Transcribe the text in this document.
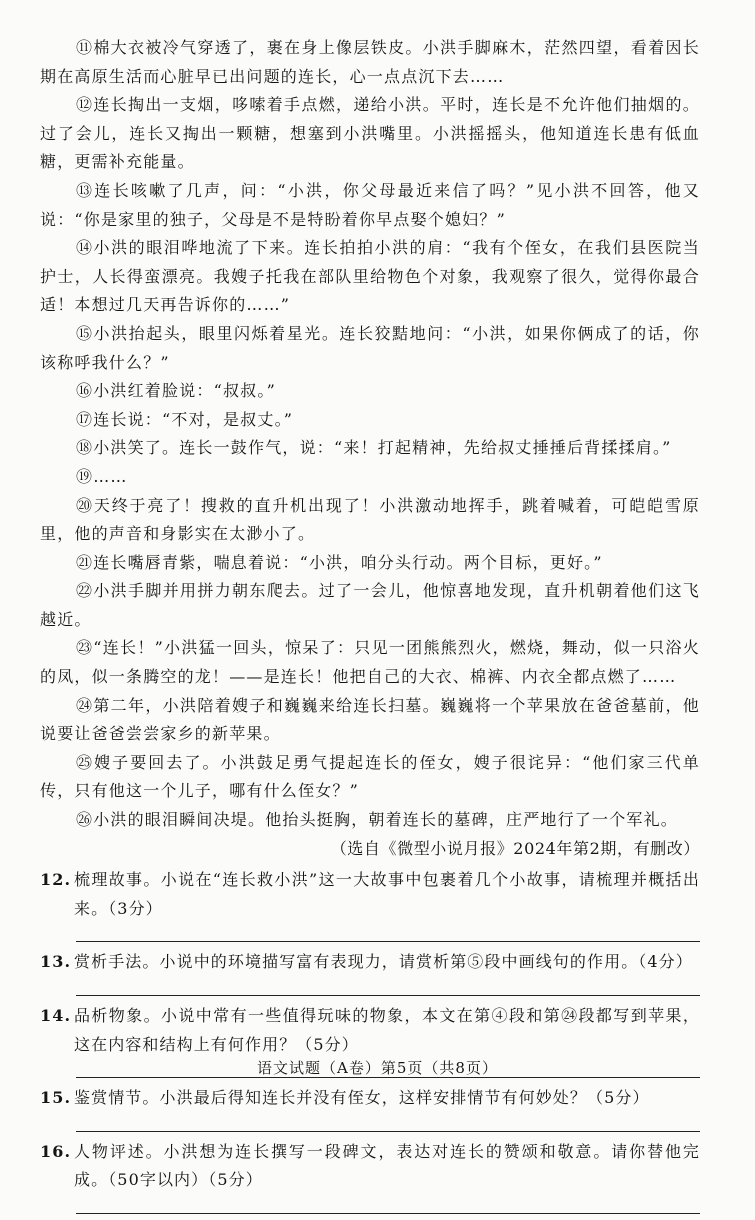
⑪棉大衣被冷气穿透了，裹在身上像层铁皮。小洪手脚麻木，茫然四望，看着因长期在高原生活而心脏早已出问题的连长，心一点点沉下去……

⑫连长掏出一支烟，哆嗦着手点燃，递给小洪。平时，连长是不允许他们抽烟的。过了会儿，连长又掏出一颗糖，想塞到小洪嘴里。小洪摇摇头，他知道连长患有低血糖，更需补充能量。

⑬连长咳嗽了几声，问：“小洪，你父母最近来信了吗？”见小洪不回答，他又说：“你是家里的独子，父母是不是特盼着你早点娶个媳妇？”

⑭小洪的眼泪哗地流了下来。连长拍拍小洪的肩：“我有个侄女，在我们县医院当护士，人长得蛮漂亮。我嫂子托我在部队里给物色个对象，我观察了很久，觉得你最合适！本想过几天再告诉你的……”

⑮小洪抬起头，眼里闪烁着星光。连长狡黠地问：“小洪，如果你俩成了的话，你该称呼我什么？”

⑯小洪红着脸说：“叔叔。”

⑰连长说：“不对，是叔丈。”

⑱小洪笑了。连长一鼓作气，说：“来！打起精神，先给叔丈捶捶后背揉揉肩。”

⑲……

⑳天终于亮了！搜救的直升机出现了！小洪激动地挥手，跳着喊着，可皑皑雪原里，他的声音和身影实在太渺小了。

㉑连长嘴唇青紫，喘息着说：“小洪，咱分头行动。两个目标，更好。”

㉒小洪手脚并用拼力朝东爬去。过了一会儿，他惊喜地发现，直升机朝着他们这飞越近。

㉓“连长！”小洪猛一回头，惊呆了：只见一团熊熊烈火，燃烧，舞动，似一只浴火的凤，似一条腾空的龙！——是连长！他把自己的大衣、棉裤、内衣全都点燃了……

㉔第二年，小洪陪着嫂子和巍巍来给连长扫墓。巍巍将一个苹果放在爸爸墓前，他说要让爸爸尝尝家乡的新苹果。

㉕嫂子要回去了。小洪鼓足勇气提起连长的侄女，嫂子很诧异：“他们家三代单传，只有他这一个儿子，哪有什么侄女？”

㉖小洪的眼泪瞬间决堤。他抬头挺胸，朝着连长的墓碑，庄严地行了一个军礼。

（选自《微型小说月报》2024年第2期，有删改）

12. 梳理故事。小说在“连长救小洪”这一大故事中包裹着几个小故事，请梳理并概括出来。（3分）
13. 赏析手法。小说中的环境描写富有表现力，请赏析第⑤段中画线句的作用。（4分）
14. 品析物象。小说中常有一些值得玩味的物象，本文在第④段和第㉔段都写到苹果，这在内容和结构上有何作用？（5分）
15. 鉴赏情节。小洪最后得知连长并没有侄女，这样安排情节有何妙处？（5分）
16. 人物评述。小洪想为连长撰写一段碑文，表达对连长的赞颂和敬意。请你替他完成。（50字以内）（5分）
语文试题（A卷）第5页（共8页）
